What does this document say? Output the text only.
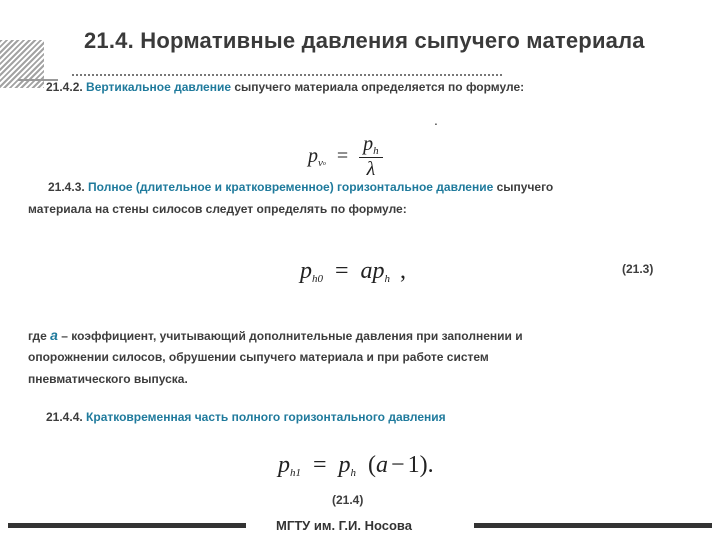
21.4. Нормативные давления сыпучего материала
21.4.2. Вертикальное давление сыпучего материала определяется по формуле:
$p_vo = \frac{p_h}{\lambda}$
.
21.4.3. Полное (длительное и кратковременное) горизонтальное давление сыпучего
материала на стены силосов следует определять по формуле:
$p_{h0} = ap_h$ ,	(21.3)
где a – коэффициент, учитывающий дополнительные давления при заполнении и
опорожнении силосов, обрушении сыпучего материала и при работе систем
пневматического выпуска.
21.4.4. Кратковременная часть полного горизонтального давления
$p_{h1} = p_h$ (a − 1).
(21.4)
МГТУ им. Г.И. Носова
